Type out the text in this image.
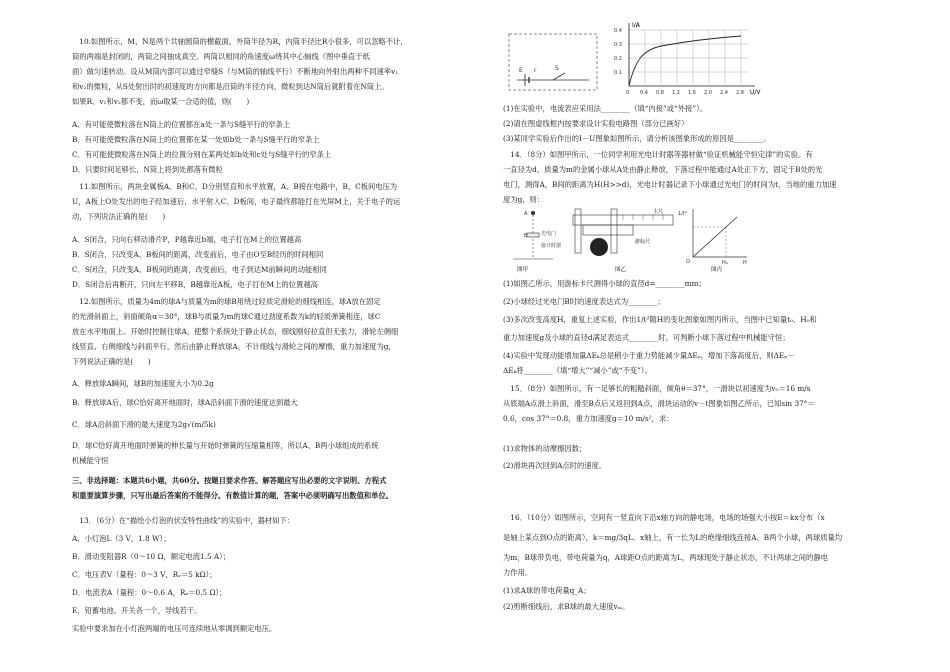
10.如图所示，M、N是两个共轴圆筒的横截面，外筒半径为R，内筒半径比R小很多，可以忽略不计，
筒的两端是封闭的，两筒之间抽成真空。两筒以相同的角速度ω绕其中心轴线（图中垂直于纸
面）做匀速转动。设从M筒内部可以通过窄缝S（与M筒的轴线平行）不断地向外射出两种不同速率v₁
和v₂的微粒，从S处射出时的初速度的方向都是沿筒的半径方向，微粒到达N筒后就附着在N筒上。
如果R、v₁和v₂都不变，而ω取某一合适的值，则(　　)
A．有可能使微粒落在N筒上的位置都在a处一条与S缝平行的窄条上
B．有可能使微粒落在N筒上的位置都在某一处如b处一条与S缝平行的窄条上
C．有可能使微粒落在N筒上的位置分别在某两处如b处和c处与S缝平行的窄条上
D．只要时间足够长，N筒上将到处都落有微粒
11.如图所示，两块金属板A、B和C、D分别竖直和水平放置，A、B接在电路中，B、C板间电压为
U，A板上O处发出的电子经加速后，水平射入C、D板间，电子最终都能打在光屏M上，关于电子的运
动，下列说法正确的是(　　)
A．S闭合，只向右移动滑片P，P越靠近b端，电子打在M上的位置越高
B．S闭合，只改变A、B板间的距离，改变前后，电子由O至B经历的时间相同
C．S闭合，只改变A、B板间的距离，改变前后，电子到达M前瞬间的动能相同
D．S闭合后再断开，只向左平移B，B越靠近A板，电子打在M上的位置越高
12.如图所示，质量为4m的球A与质量为m的球B用绕过轻质定滑轮的细线相连，球A放在固定
的光滑斜面上，斜面倾角α＝30°，球B与质量为m的球C通过劲度系数为k的轻质弹簧相连，球C
放在水平地面上。开始时控制住球A，使整个系统处于静止状态，细线刚好拉直但无张力，滑轮左侧细
线竖直、右侧细线与斜面平行，然后由静止释放球A，不计细线与滑轮之间的摩擦，重力加速度为g，
下列说法正确的是(　　)
A．释放球A瞬间，球B的加速度大小为0.2g
B．释放球A后，球C恰好离开地面时，球A沿斜面下滑的速度达到最大
C．球A沿斜面下滑的最大速度为2g√(m/5k)
D．球C恰好离开地面时弹簧的伸长量与开始时弹簧的压缩量相等，所以A、B两小球组成的系统
机械能守恒
三、非选择题：本题共6小题，共60分。按题目要求作答。解答题应写出必要的文字说明、方程式
和重要演算步骤，只写出最后答案的不能得分。有数值计算的题，答案中必须明确写出数值和单位。
13．（6分）在“描绘小灯泡的伏安特性曲线”的实验中，器材如下：
A．小灯泡L（3 V，1.8 W）；
B．滑动变阻器R（0～10 Ω，额定电流1.5 A）；
C．电压表V（量程：0～3 V，Rᵥ＝5 kΩ）；
D．电流表A（量程：0～0.6 A，Rₐ＝0.5 Ω）；
E．铅蓄电池、开关各一个，导线若干。
实验中要求加在小灯泡两端的电压可连续地从零调到额定电压。
E r	S
I/A
U/V
0 0.4 0.8 1.2 1.6 2.0 2.4 2.8
0.4
0.3
0.2
0.1
(1)在实验中，电流表应采用法________（填“内接”或“外接”）。
(2)请在图虚线框内按要求设计实验电路图（部分已画好）
(3)某同学实验后作出的I－U图象如图所示，请分析该图象形成的原因是________。
14．（8分）如图甲所示，一位同学利用光电计时器等器材做“验证机械能守恒定律”的实验。有
一直径为d，质量为m的金属小球从A处由静止释放，下落过程中能通过A处正下方，固定于B处的光
电门，测得A，B间的距离为H(H>>d)，光电计时器记录下小球通过光电门的时间为t，当地的重力加速
度为g，则：
A
B	光电门
接计时器
图甲
主尺
游标尺
图乙
O	H₀	H
1/t²
图丙
(1)如图乙所示，用游标卡尺测得小球的直径d=________mm；
(2)小球经过光电门B时的速度表达式为________；
(3)多次改变高度H，重复上述实验，作出1/t²随H的变化图象如图丙所示，当图中已知量t₀、H₀和
重力加速度g及小球的直径d满足表达式________时，可判断小球下落过程中机械能守恒；
(4)实验中发现动能增加量ΔEₖ总是稍小于重力势能减少量ΔEₚ，增加下落高度后，则ΔEₚ－
ΔEₖ将________（填“增大”“减小”或“不变”）。
15．（8分）如图所示，有一足够长的粗糙斜面，倾角θ＝37°，一滑块以初速度为v₀＝16 m/s
从底端A点滑上斜面，滑至B点后又返回到A点，滑块运动的v－t图象如图乙所示，已知sin 37°＝
0.6，cos 37°＝0.8，重力加速度g＝10 m/s²，求：
(1)求物体的动摩擦因数；
(2)滑块再次回到A点时的速度。
16．（10分）如图所示，空间有一竖直向下沿x轴方向的静电场，电场的场强大小按E＝kx分布（x
是轴上某点到O点的距离），k＝mg/3qL。x轴上，有一长为L的绝缘细线连接A、B两个小球，两球质量均
为m，B球带负电，带电荷量为q，A球距O点的距离为L，两球现处于静止状态，不计两球之间的静电
力作用。
(1)求A球的带电荷量q_A；
(2)剪断细线后，求B球的最大速度vₘ。
